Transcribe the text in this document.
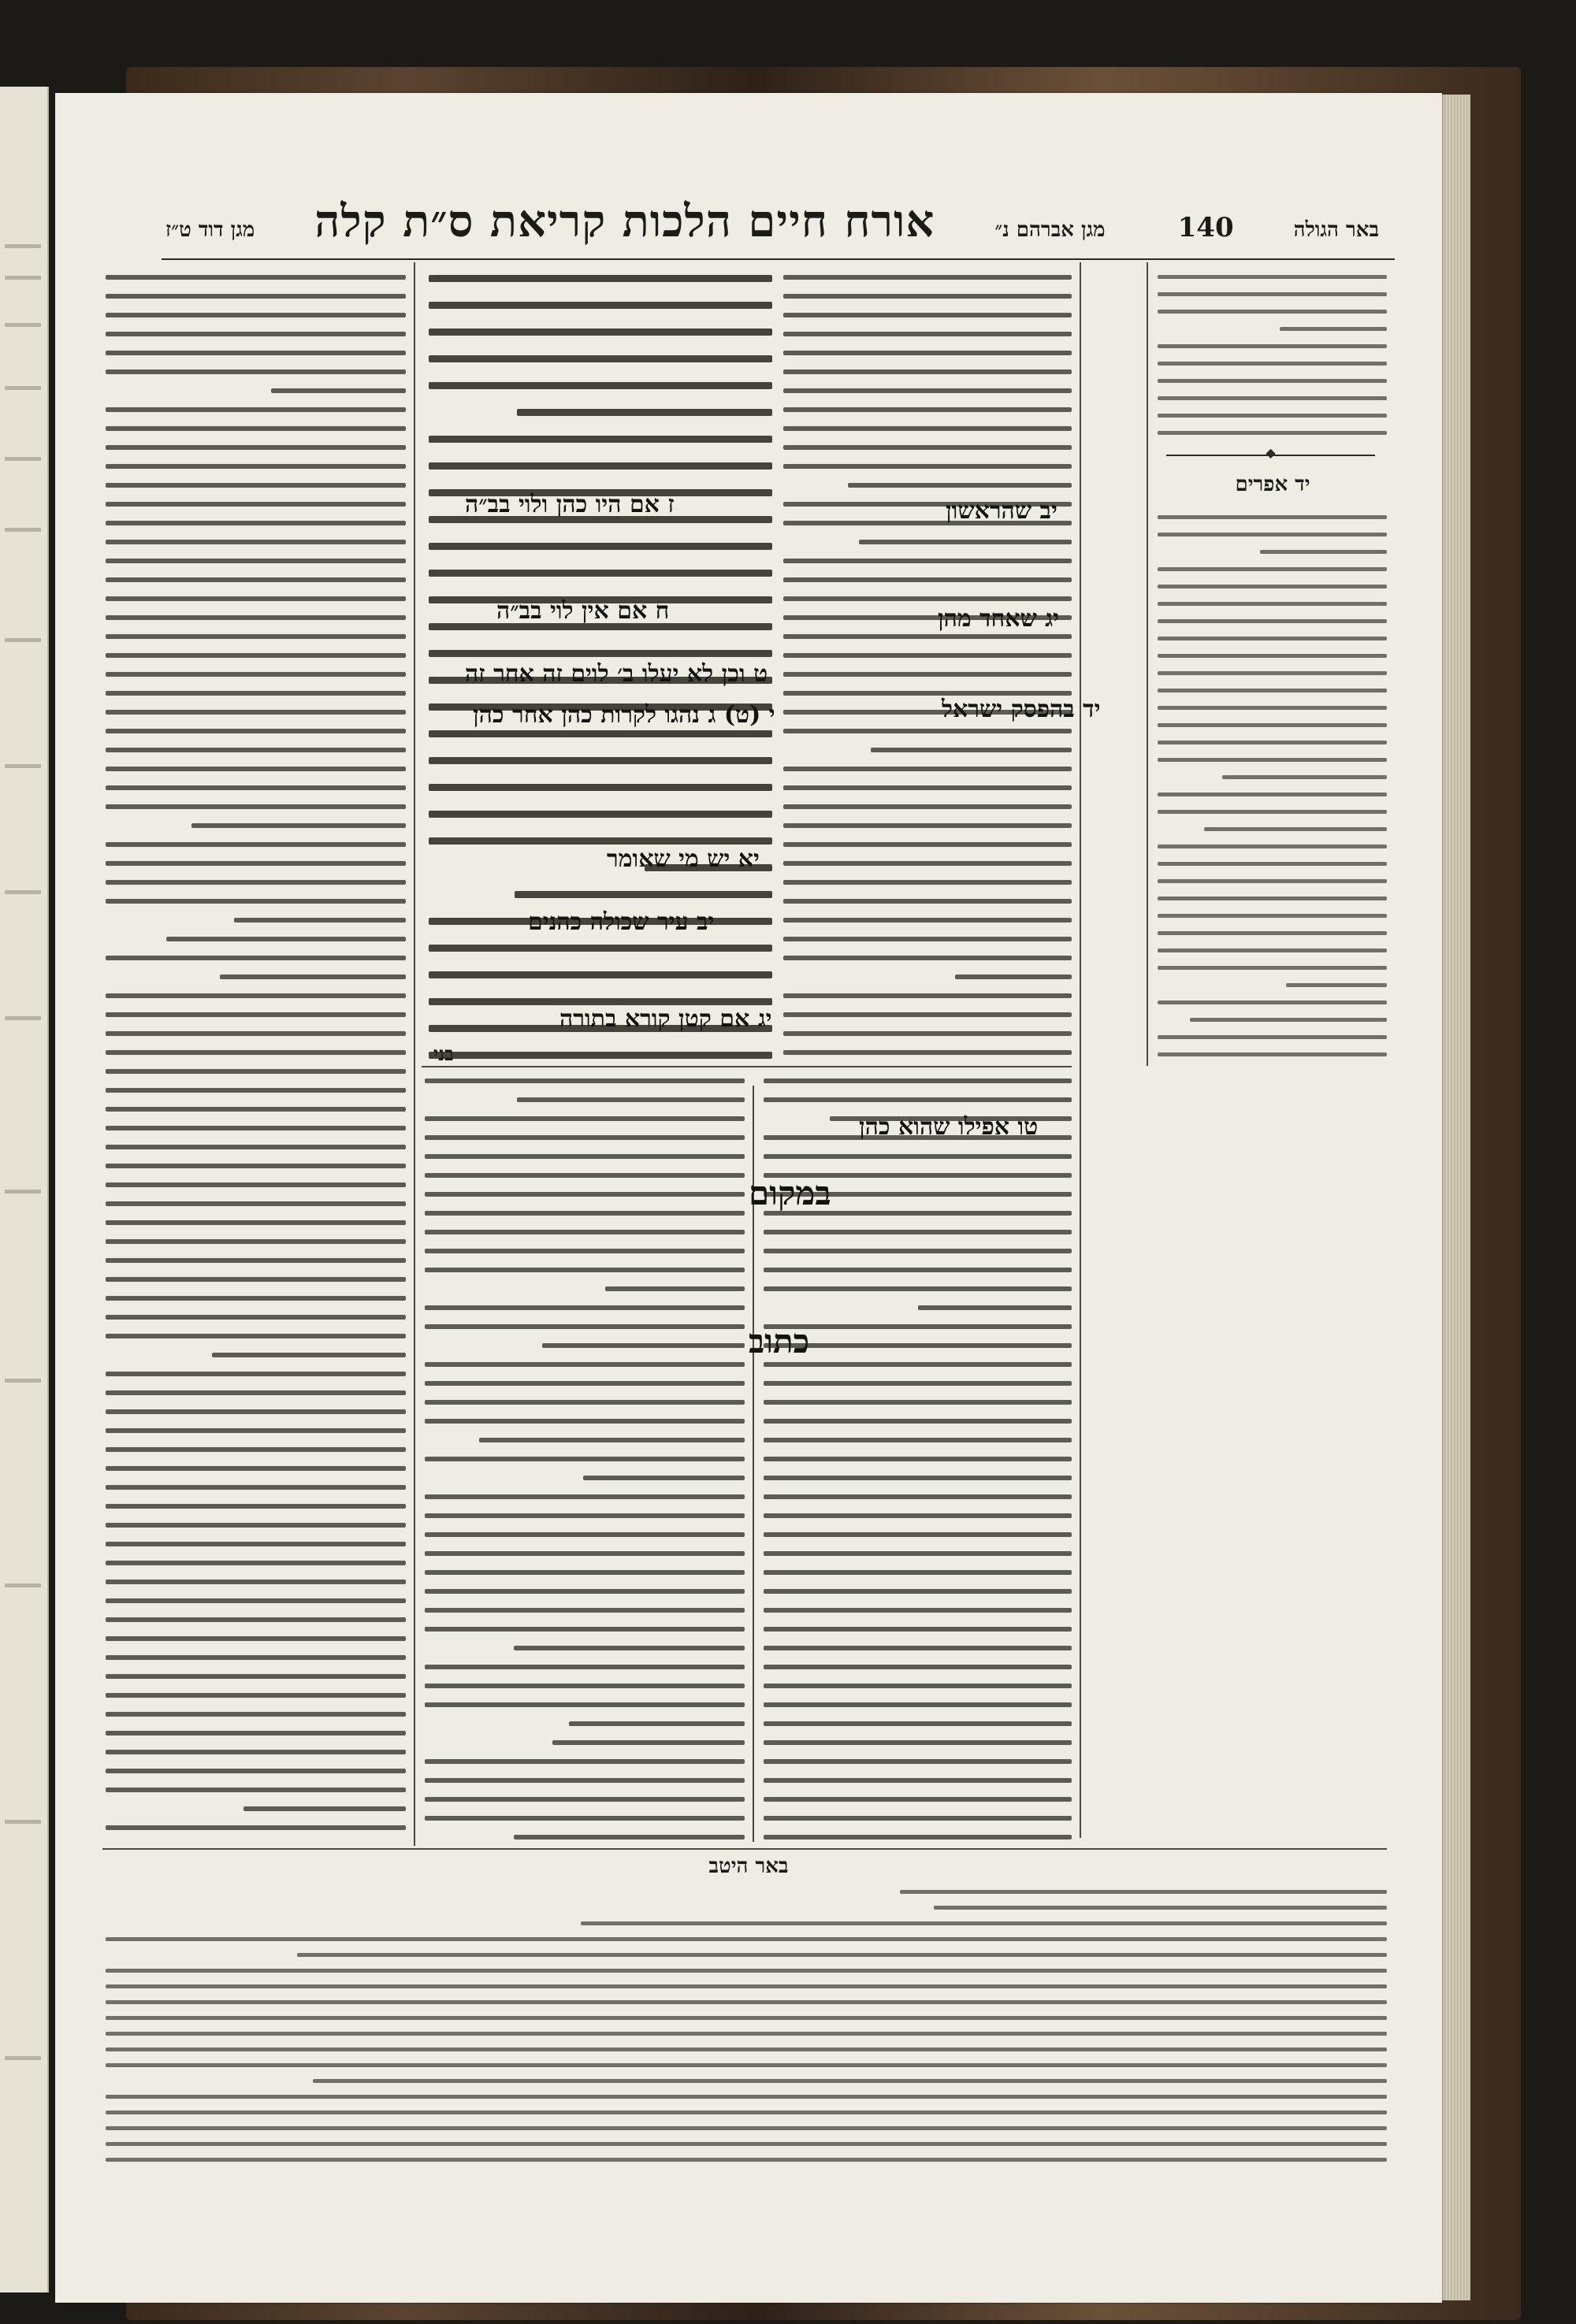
באר הגולה
140
מגן אברהם נ״
אורח חיים הלכות קריאת ס״ת קלה
מגן דוד ט״ז
◆
יד אפרים
בני
באר היטב
ז אם היו כהן ולוי בב״ה
ח אם אין לוי בב״ה
ט וכן לא יעלו ב׳ לוים זה אחר זה
י (ט) ג נהגו לקרות כהן אחר כהן
יא יש מי שאומר
יב עיר שכולה כהנים
יג אם קטן קורא בתורה
יב שהראשון
יג שאחד מהן
יד בהפסק ישראל
טו אפילו שהוא כהן
במקום
כתוב
